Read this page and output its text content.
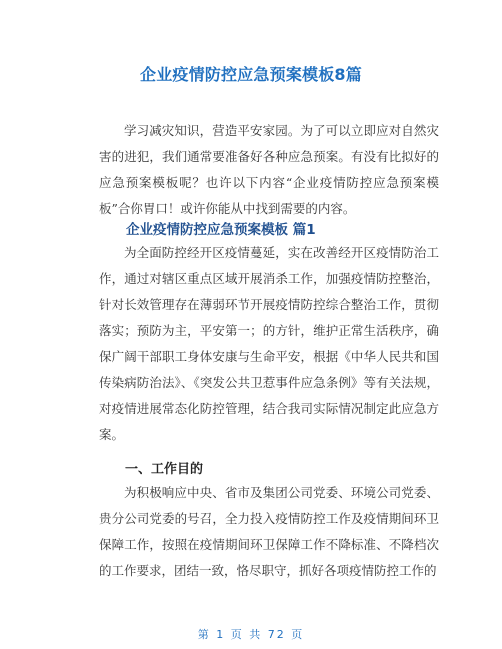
企业疫情防控应急预案模板8篇
学习减灾知识，营造平安家园。为了可以立即应对自然灾害的进犯，我们通常要准备好各种应急预案。有没有比拟好的应急预案模板呢？也许以下内容“企业疫情防控应急预案模板”合你胃口！或许你能从中找到需要的内容。
企业疫情防控应急预案模板 篇1
为全面防控经开区疫情蔓延，实在改善经开区疫情防治工作，通过对辖区重点区域开展消杀工作，加强疫情防控整治，针对长效管理存在薄弱环节开展疫情防控综合整治工作，贯彻落实；预防为主，平安第一；的方针，维护正常生活秩序，确保广阔干部职工身体安康与生命平安，根据《中华人民共和国传染病防治法》、《突发公共卫惹事件应急条例》等有关法规，对疫情进展常态化防控管理，结合我司实际情况制定此应急方案。
一、工作目的
为积极响应中央、省市及集团公司党委、环境公司党委、贵分公司党委的号召，全力投入疫情防控工作及疫情期间环卫保障工作，按照在疫情期间环卫保障工作不降标准、不降档次的工作要求，团结一致，恪尽职守，抓好各项疫情防控工作的
第 1 页 共 72 页
